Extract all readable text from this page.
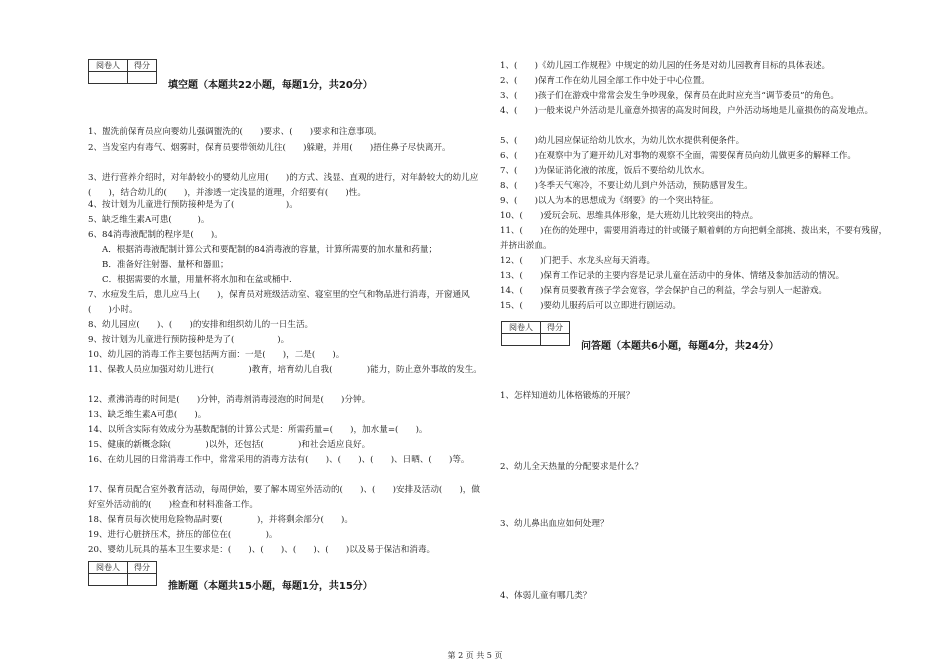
阅卷人	得分

填空题（本题共22小题，每题1分，共20分）
1、盥洗前保育员应向婴幼儿强调盥洗的(　　)要求、(　　)要求和注意事项。
2、当发室内有毒气、烟雾时，保育员要带领幼儿往(　　)躲避，并用(　　)捂住鼻子尽快离开。
3、进行营养介绍时，对年龄较小的婴幼儿应用(　　)的方式、浅显、直观的进行，对年龄较大的幼儿应(　　)，结合幼儿的(　　)，并渗透一定浅显的道理，介绍要有(　　)性。
4、按计划为儿童进行预防接种是为了(　　　　　　)。
5、缺乏维生素A可患(　　　)。
6、84消毒液配制的程序是(　　)。
A．根据消毒液配制计算公式和要配制的84消毒液的容量，计算所需要的加水量和药量；
B．准备好注射器、量杯和器皿；
C．根据需要的水量，用量杯将水加和在盆或桶中.
7、水痘发生后，患儿应马上(　　)，保育员对班级活动室、寝室里的空气和物品进行消毒，开窗通风(　　)小时。
8、幼儿园应(　　)、(　　)的安排和组织幼儿的一日生活。
9、按计划为儿童进行预防接种是为了(　　　　　)。
10、幼儿园的消毒工作主要包括两方面：一是(　　)，二是(　　)。
11、保教人员应加强对幼儿进行(　　　　)教育，培育幼儿自我(　　　　)能力，防止意外事故的发生。
12、煮沸消毒的时间是(　　)分钟，消毒剂消毒浸泡的时间是(　　)分钟。
13、缺乏维生素A可患(　　)。
14、以所含实际有效成分为基数配制的计算公式是：所需药量=(　　)，加水量=(　　)。
15、健康的新概念除(　　　　)以外，还包括(　　　　)和社会适应良好。
16、在幼儿园的日常消毒工作中，常常采用的消毒方法有(　　)、(　　)、(　　)、日晒、(　　)等。
17、保育员配合室外教育活动，每周伊始，要了解本周室外活动的(　　)、(　　)安排及活动(　　)，做好室外活动前的(　　)检查和材料准备工作。
18、保育员每次使用危险物品时要(　　　　)，并将剩余部分(　　)。
19、进行心脏挤压术，挤压的部位在(　　　　)。
20、婴幼儿玩具的基本卫生要求是：(　　)、(　　)、(　　)、(　　)以及易于保洁和消毒。
阅卷人	得分

推断题（本题共15小题，每题1分，共15分）
1、(　　)《幼儿园工作规程》中规定的幼儿园的任务是对幼儿园教育目标的具体表述。
2、(　　)保育工作在幼儿园全部工作中处于中心位置。
3、(　　)孩子们在游戏中常常会发生争吵现象，保育员在此时应充当“调节委员”的角色。
4、(　　)一般来说户外活动是儿童意外损害的高发时间段，户外活动场地是儿童损伤的高发地点。
5、(　　)幼儿园应保证给幼儿饮水，为幼儿饮水提供利便条件。
6、(　　)在观察中为了避开幼儿对事物的观察不全面，需要保育员向幼儿做更多的解释工作。
7、(　　)为保证消化液的浓度，饭后不要给幼儿饮水。
8、(　　)冬季天气寒冷，不要让幼儿到户外活动，预防感冒发生。
9、(　　)以人为本的思想成为《纲要》的一个突出特征。
10、(　　)爱玩会玩、思维具体形象，是大班幼儿比较突出的特点。
11、(　　)在伤的处理中，需要用消毒过的针或镊子顺着刺的方向把刺全部挑、拨出来，不要有残留，并挤出淤血。
12、(　　)门把手、水龙头应每天消毒。
13、(　　)保育工作记录的主要内容是记录儿童在活动中的身体、情绪及参加活动的情况。
14、(　　)保育员要教育孩子学会宽容，学会保护自己的利益，学会与别人一起游戏。
15、(　　)要幼儿服药后可以立即进行剧运动。
阅卷人	得分

问答题（本题共6小题，每题4分，共24分）
1、怎样知道幼儿体格锻炼的开展？
2、幼儿全天热量的分配要求是什么？
3、幼儿鼻出血应如何处理？
4、体弱儿童有哪几类？
第 2 页 共 5 页
